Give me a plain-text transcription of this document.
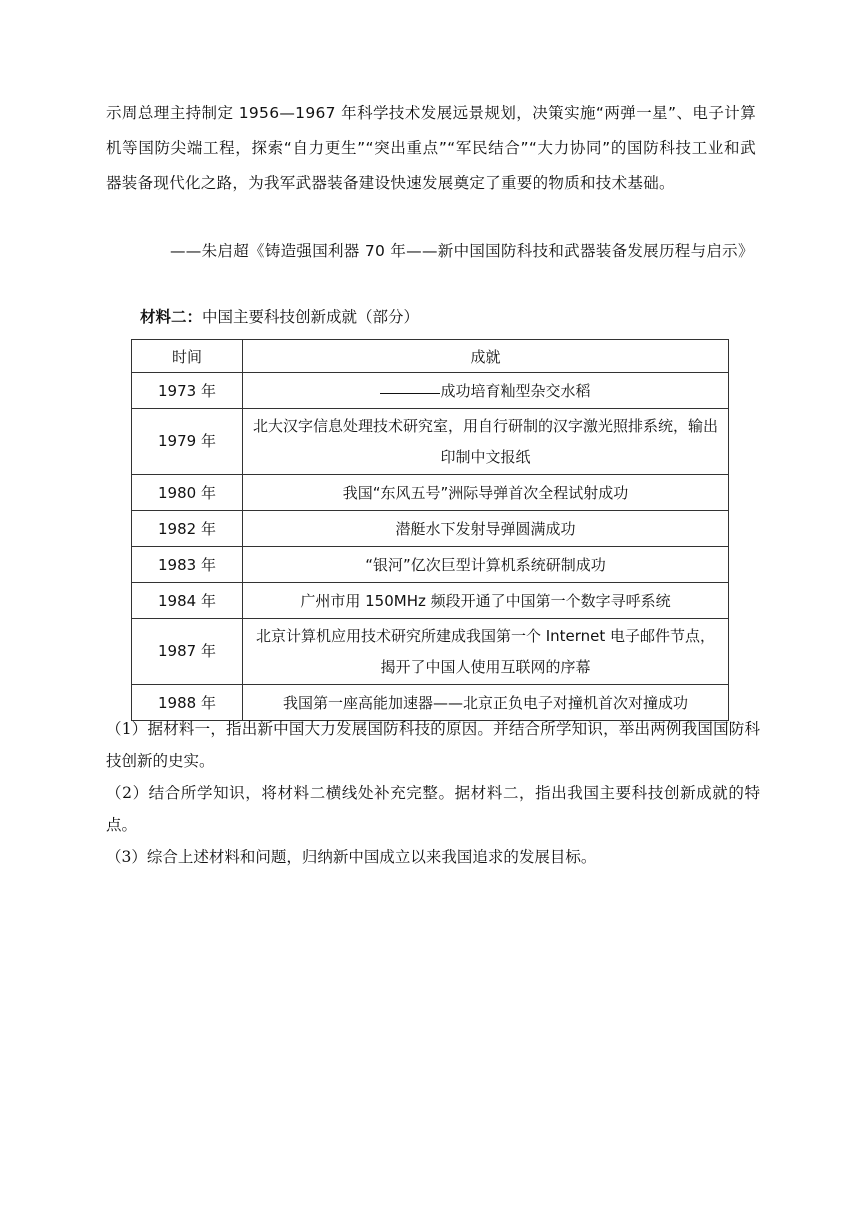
示周总理主持制定 1956—1967 年科学技术发展远景规划，决策实施“两弹一星”、电子计算机等国防尖端工程，探索“自力更生”“突出重点”“军民结合”“大力协同”的国防科技工业和武器装备现代化之路，为我军武器装备建设快速发展奠定了重要的物质和技术基础。
——朱启超《铸造强国利器 70 年——新中国国防科技和武器装备发展历程与启示》
材料二：中国主要科技创新成就（部分）
时间	成就
1973 年	成功培育籼型杂交水稻
1979 年	北大汉字信息处理技术研究室，用自行研制的汉字激光照排系统，输出印制中文报纸
1980 年	我国“东风五号”洲际导弹首次全程试射成功
1982 年	潜艇水下发射导弹圆满成功
1983 年	“银河”亿次巨型计算机系统研制成功
1984 年	广州市用 150MHz 频段开通了中国第一个数字寻呼系统
1987 年	北京计算机应用技术研究所建成我国第一个 Internet 电子邮件节点，揭开了中国人使用互联网的序幕
1988 年	我国第一座高能加速器——北京正负电子对撞机首次对撞成功

（1）据材料一，指出新中国大力发展国防科技的原因。并结合所学知识，举出两例我国国防科技创新的史实。

（2）结合所学知识，将材料二横线处补充完整。据材料二，指出我国主要科技创新成就的特点。

（3）综合上述材料和问题，归纳新中国成立以来我国追求的发展目标。
